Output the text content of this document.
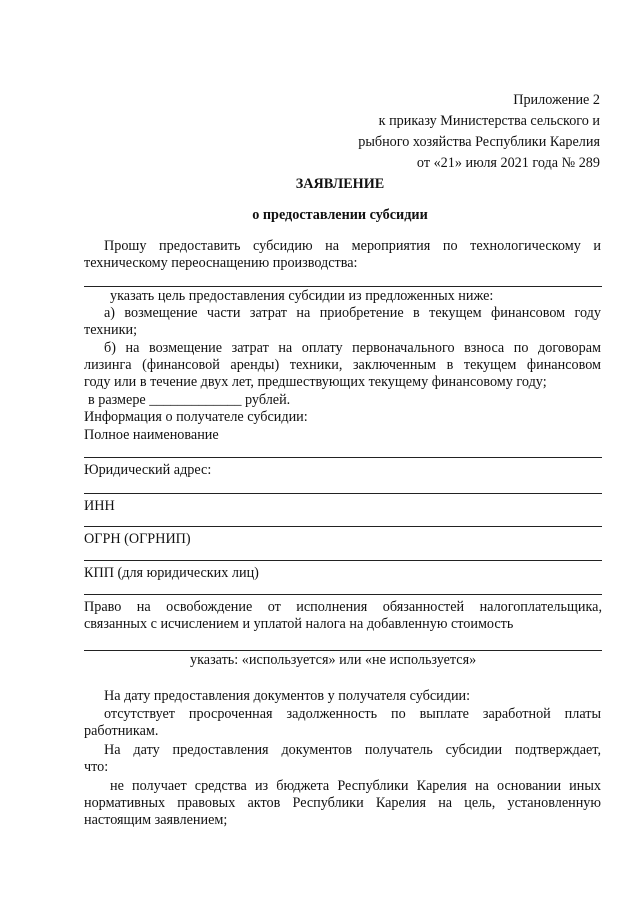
Приложение 2
к приказу Министерства сельского и
рыбного хозяйства Республики Карелия
от «21» июля 2021 года № 289
ЗАЯВЛЕНИЕ
о предоставлении субсидии
Прошу предоставить субсидию на мероприятия по технологическому и
техническому переоснащению производства:
указать цель предоставления субсидии из предложенных ниже:
а) возмещение части затрат на приобретение в текущем финансовом году
техники;
б) на возмещение затрат на оплату первоначального взноса по договорам
лизинга (финансовой аренды) техники, заключенным в текущем финансовом
году или в течение двух лет, предшествующих текущему финансовому году;
в размере _____________ рублей.
Информация о получателе субсидии:
Полное наименование
Юридический адрес:
ИНН
ОГРН (ОГРНИП)
КПП (для юридических лиц)
Право на освобождение от исполнения обязанностей налогоплательщика,
связанных с исчислением и уплатой налога на добавленную стоимость
указать: «используется» или «не используется»
На дату предоставления документов у получателя субсидии:
отсутствует просроченная задолженность по выплате заработной платы
работникам.
На дату предоставления документов получатель субсидии подтверждает,
что:
не получает средства из бюджета Республики Карелия на основании иных
нормативных правовых актов Республики Карелия на цель, установленную
настоящим заявлением;
